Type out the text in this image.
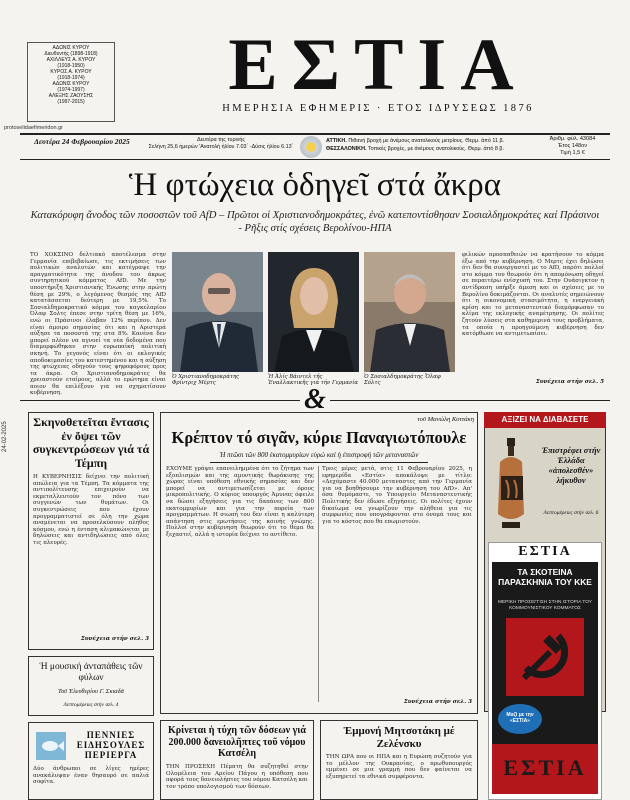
ΑΔΩΝΙΣ ΚΥΡΟΥ
Διευθυντής (1898-1918)
ΑΧΙΛΛΕΥΣ Α. ΚΥΡΟΥ
(1918-1950)
ΚΥΡΟΣ Α. ΚΥΡΟΥ
(1918-1974)
ΑΔΩΝΙΣ ΚΥΡΟΥ
(1974-1997)
ΑΛΕΞΗΣ ΖΑΟΥΣΗΣ
(1997-2015)	ΕΣΤΙΑ
ΗΜΕΡΗΣΙΑ ΕΦΗΜΕΡΙΣ · ΕΤΟΣ ΙΔΡΥΣΕΩΣ 1876
protoselidaefimeridon.gr
Δευτέρα 24 Φεβρουαρίου 2025	Δευτέρα της τυρινής
Σελήνη 25,6 ήμερών 'Ανατολή ήλίου 7.03΄ -Δύσις ήλίου 6.13΄
ΑΤΤΙΚΗ. Πιθανή βροχή με άνέμους ανατολικούς μετρίους. Θερμ. άπό 11 β.
ΘΕΣΣΑΛΟΝΙΚΗ. Τοπικές βροχές, με άνέμους ανατολικούς. Θερμ. άπό 8 β.
Άριθμ. φύλ. 43084
Έτος 148ον
Τιμή 1,5 €
Ἡ φτώχεια ὁδηγεῖ στά ἄκρα
Κατακόρυφη ἄνοδος τῶν ποσοστῶν τοῦ AfD – Πρῶτοι οἱ Χριστιανοδημοκράτες, ἐνῶ κατεποντίσθησαν Σοσιαλδημοκράτες καί Πράσινοι - Ρῆξις στίς σχέσεις Βερολίνου-ΗΠΑ
ΤΟ ΧΟΚΣΙΝΟ δελτιακό αποτέλεσμα στην Γερμανία επιβεβαίωσε, τις εκτιμήσεις των πολιτικών αναλυτών και κατέγραψε την πραγματικότητα της άνοδου του άκρως συντηρητικού κόμματος AfD. Με την υποστήριξη Χριστιανικής Ένωσης στην πρώτη θέση με 29%, ο λεγόμενος θεσμός της AfD κατατάσσεται δεύτερη με 19,5%. Το Σοσιαλδημοκρατικό κόμμα του καγκελαρίου Όλαφ Σολτς έπεσε στην τρίτη θέση με 16%, ενώ οι Πράσινοι έλαβαν 12% περίπου. Δεν είναι άμοιρο σημασίας ότι και η Αριστερά αύξησε τα ποσοστά της στα 8%. Κανένα δεν μπορεί πλέον να αγνοεί τα νέα δεδομένα που διαμορφώθηκαν στην ευρωπαϊκή πολιτική σκηνή. Το γεγονός είναι ότι οι εκλογικές αποδοκιμασίες του κατεστημένου και η αύξηση της φτώχειας οδηγούν τους ψηφοφόρους προς τα άκρα. Οι Χριστιανοδημοκράτες θα χρειαστούν εταίρους, αλλά το ερώτημα είναι ποιον θα επιλέξουν για να σχηματίσουν κυβέρνηση.
Ὁ Χριστιανοδημοκράτης Φρίντριχ Μέρτς
Ἡ Ἀλίς Βάιντελ τῆς Ἐναλλακτικῆς γιά τήν Γερμανία
Ὁ Σοσιαλδημοκράτης Ὄλαφ Σόλτς
φιλικών προσπαθειών να κρατήσουν το κόμμα έξω από την κυβέρνηση. Ο Μερτς έχει δηλώσει ότι δεν θα συνεργαστεί με το AfD, παρότι πολλοί στο κόμμα του θεωρούν ότι η απομόνωση οδηγεί σε περαιτέρω ενίσχυσή του. Στην Ουάσιγκτον η αντίδραση υπήρξε άμεση και οι σχέσεις με το Βερολίνο δοκιμάζονται. Οι αναλυτές σημειώνουν ότι η οικονομική στασιμότητα, η ενεργειακή κρίση και το μεταναστευτικό διαμόρφωσαν το κλίμα της εκλογικής αναμέτρησης. Οι πολίτες ζητούν λύσεις στα καθημερινά τους προβλήματα, τα οποία η προηγούμενη κυβέρνηση δεν κατόρθωσε να αντιμετωπίσει.
Συνέχεια στήν σελ. 5
&
24-02-2025 Σκηνοθετεῖται ἔντασις ἐν ὄψει τῶν συγκεντρώσεων γιά τά Τέμπη
Η ΚΥΒΕΡΝΗΣΙΣ δείχνει την πολιτική απώλεια για τα Τέμπη. Τα κόμματα της αντιπολίτευσης επιχειρούν να εκμεταλλευτούν τον πόνο των συγγενών των θυμάτων. Οι συγκεντρώσεις που έχουν προγραμματιστεί σε όλη την χώρα αναμένεται να προσελκύσουν πλήθος κόσμου, ενώ η ένταση κλιμακώνεται με δηλώσεις και αντιδηλώσεις από όλες τις πλευρές.
Συνέχεια στήν σελ. 3
Ἡ μουσική ἀνταπάθεις τῶν φύλων
Τοῦ Ἐλευθερίου Γ. Σκιαδᾶ
Λεπτομέρειες στήν σελ. 4
ΠΕΝΝΙΕΣ ΕΙΔΗΣΟΥΛΕΣ ΠΕΡΙΕΡΓΑ
Δύο άνθρωποι σε λίγες ημέρες ανακάλυψαν έναν θησαυρό σε παλιά σοφίτα.
τοῦ Μανώλη Κοττάκη
Κρέπτον τό σιγᾶν, κύριε Παναγιωτόπουλε
Ἡ πτῶσι τῶν 800 ἑκατομμυρίων εὐρώ καί ἡ ἐπιστροφή τῶν μεταναστῶν
ΕΧΟΥΜΕ γράψει επανειλημμένα ότι το ζήτημα των εξοπλισμών και της αμυντικής θωράκισης της χώρας είναι υπόθεση εθνικής σημασίας και δεν μπορεί να αντιμετωπίζεται με όρους μικροπολιτικής. Ο κύριος υπουργός Άμυνας όφειλε να δώσει εξηγήσεις για τις δαπάνες των 800 εκατομμυρίων και για την πορεία των προγραμμάτων. Η σιωπή του δεν είναι η καλύτερη απάντηση στις ερωτήσεις της κοινής γνώμης. Πολλοί στην κυβέρνηση θεωρούν ότι το θέμα θα ξεχαστεί, αλλά η ιστορία δείχνει το αντίθετο.
Τρεις μέρες μετά, στις 11 Φεβρουαρίου 2025, η εφημερίδα «Εστία» αποκάλυψε με τίτλο: «Δεχόμαστε 40.000 μεταναστες από την Γερμανία για να βοηθήσουμε την κυβέρνηση του AfD». Απ' όσα θυμόμαστε, το Υπουργείο Μεταναστευτικής Πολιτικής δεν έδωσε εξηγήσεις. Οι πολίτες έχουν δικαίωμα να γνωρίζουν την αλήθεια για τις συμφωνίες που υπογράφονται στο όνομά τους και για το κόστος που θα επωμιστούν.
Συνέχεια στήν σελ. 3
Κρίνεται ἡ τύχη τῶν δόσεων γιά 200.000 δανειολῆπτες τοῦ νόμου Κατσέλη
ΤΗΝ ΠΡΟΣΕΧΗ Πέμπτη θα συζητηθεί στην Ολομέλεια του Αρείου Πάγου η υπόθεση που αφορά τους δανειολήπτες του νόμου Κατσέλη και τον τρόπο υπολογισμού των δόσεων.
Ἐμμονή Μητσοτάκη μέ Ζελένσκυ
ΤΗΝ ΩΡΑ που οι ΗΠΑ και η Ευρώπη συζητούν για το μέλλον της Ουκρανίας, ο πρωθυπουργός εμμένει σε μια γραμμή που δεν φαίνεται να εξυπηρετεί τα εθνικά συμφέροντα.
ΑΞΙΖΕΙ ΝΑ ΔΙΑΒΑΣΕΤΕ
Ἐπιστρέφει στήν Ἑλλάδα «ἀπολεσθέν» λήκυθον
Λεπτομέρειες στήν σελ. 6
ΕΣΤΙΑ
ΤΑ ΣΚΟΤΕΙΝΑ ΠΑΡΑΣΚΗΝΙΑ ΤΟΥ ΚΚΕ
ΜΕΡΙΚΗ ΠΡΟΣΕΓΓΙΣΗ ΣΤΗΝ ΙΣΤΟΡΙΑ ΤΟΥ ΚΟΜΜΟΥΝΙΣΤΙΚΟΥ ΚΟΜΜΑΤΟΣ
Μαζί με την «ΕΣΤΙΑ»
ΕΣΤΙΑ
